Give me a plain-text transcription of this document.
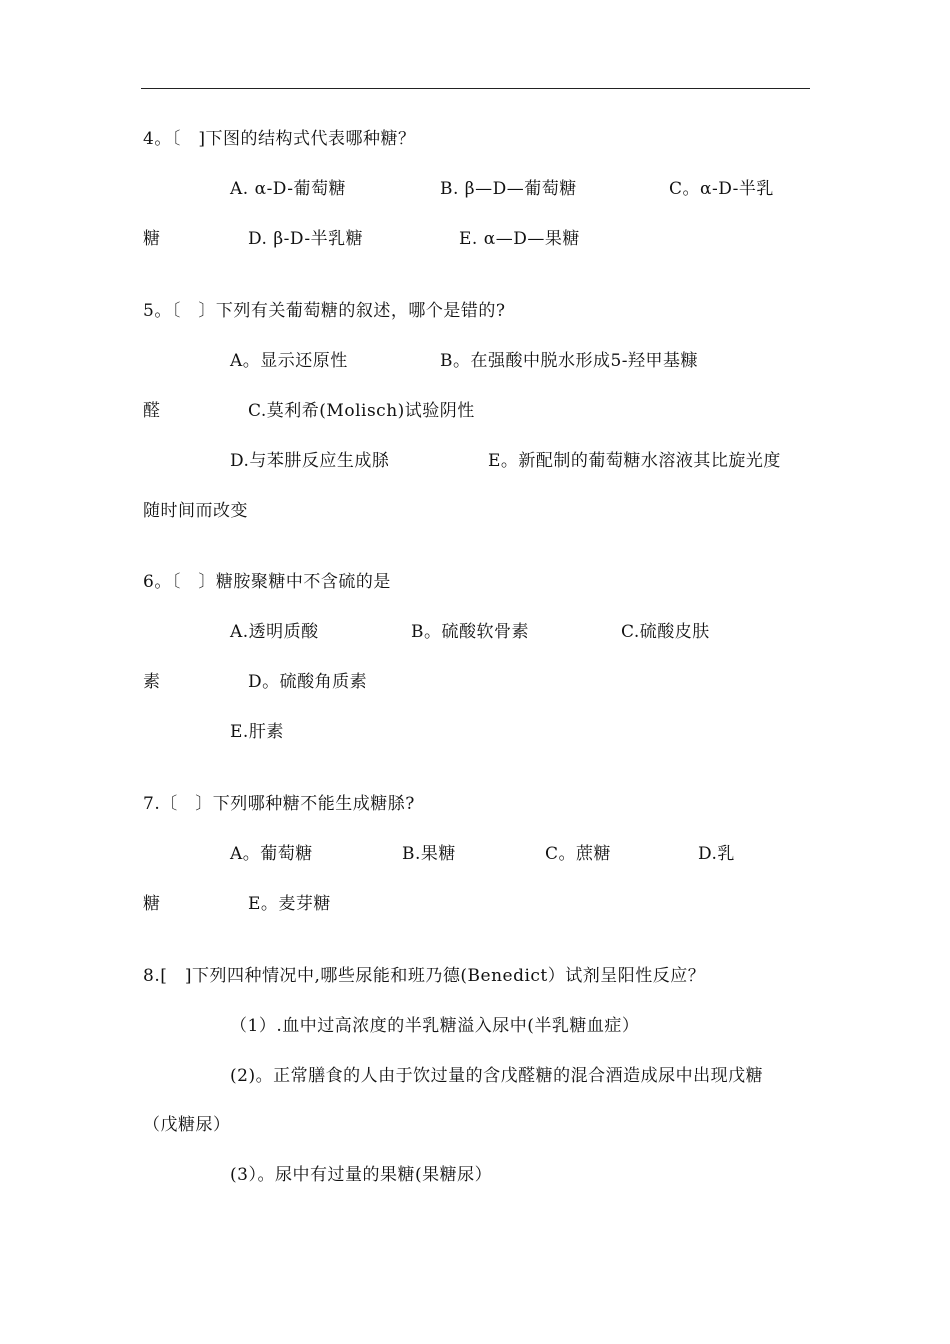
4。〔　]下图的结构式代表哪种糖？
A. α-D-葡萄糖	B. β—D—葡萄糖	C。α-D-半乳
糖	D. β-D-半乳糖	E. α—D—果糖
5。〔　〕下列有关葡萄糖的叙述，哪个是错的?
A。显示还原性	B。在强酸中脱水形成5-羟甲基糠
醛	C.莫利希(Molisch)试验阴性
D.与苯肼反应生成脎	E。新配制的葡萄糖水溶液其比旋光度
随时间而改变
6。〔　〕糖胺聚糖中不含硫的是
A.透明质酸	B。硫酸软骨素	C.硫酸皮肤
素	D。硫酸角质素
E.肝素
7.〔　〕下列哪种糖不能生成糖脎?
A。葡萄糖	B.果糖	C。蔗糖	D.乳
糖	E。麦芽糖
8.[　]下列四种情况中,哪些尿能和班乃德(Benedict）试剂呈阳性反应？
（1）.血中过高浓度的半乳糖溢入尿中(半乳糖血症）
(2)。正常膳食的人由于饮过量的含戊醛糖的混合酒造成尿中出现戊糖
（戊糖尿）
(3）。尿中有过量的果糖(果糖尿）
